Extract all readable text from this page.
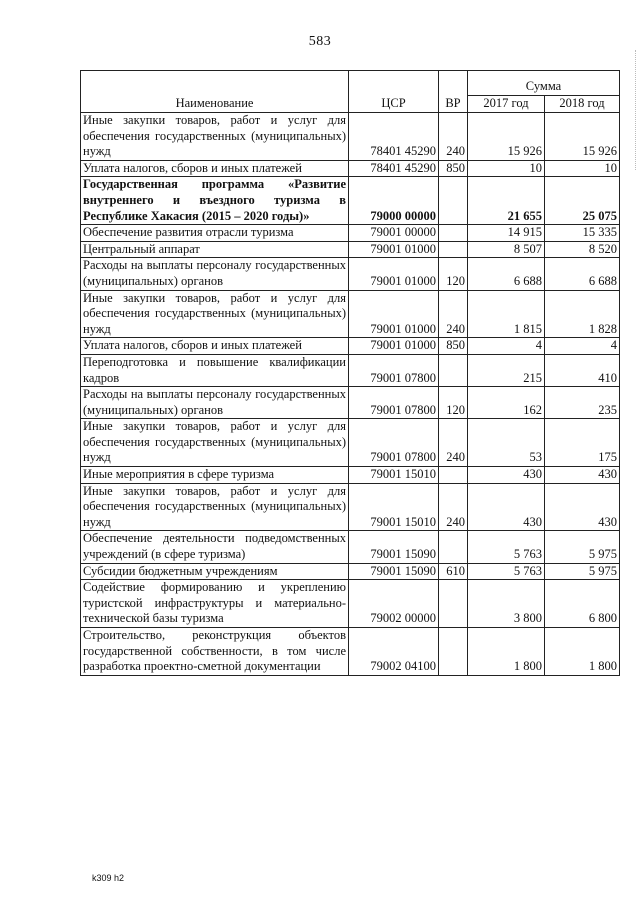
583
Наименование	ЦСР	ВР	Сумма	
			2017 год	2018 год
Иные закупки товаров, работ и услуг для обеспечения государственных (муниципальных) нужд	78401 45290	240	15 926	15 926
Уплата налогов, сборов и иных платежей	78401 45290	850	10	10
Государственная программа «Развитие внутреннего и въездного туризма в Республике Хакасия (2015 – 2020 годы)»	79000 00000		21 655	25 075
Обеспечение развития отрасли туризма	79001 00000		14 915	15 335
Центральный аппарат	79001 01000		8 507	8 520
Расходы на выплаты персоналу государственных (муниципальных) органов	79001 01000	120	6 688	6 688
Иные закупки товаров, работ и услуг для обеспечения государственных (муниципальных) нужд	79001 01000	240	1 815	1 828
Уплата налогов, сборов и иных платежей	79001 01000	850	4	4
Переподготовка и повышение квалификации кадров	79001 07800		215	410
Расходы на выплаты персоналу государственных (муниципальных) органов	79001 07800	120	162	235
Иные закупки товаров, работ и услуг для обеспечения государственных (муниципальных) нужд	79001 07800	240	53	175
Иные мероприятия в сфере туризма	79001 15010		430	430
Иные закупки товаров, работ и услуг для обеспечения государственных (муниципальных) нужд	79001 15010	240	430	430
Обеспечение деятельности подведомственных учреждений (в сфере туризма)	79001 15090		5 763	5 975
Субсидии бюджетным учреждениям	79001 15090	610	5 763	5 975
Содействие формированию и укреплению туристской инфраструктуры и материально-технической базы туризма	79002 00000		3 800	6 800
Строительство, реконструкция объектов государственной собственности, в том числе разработка проектно-сметной документации	79002 04100		1 800	1 800
k309 h2
